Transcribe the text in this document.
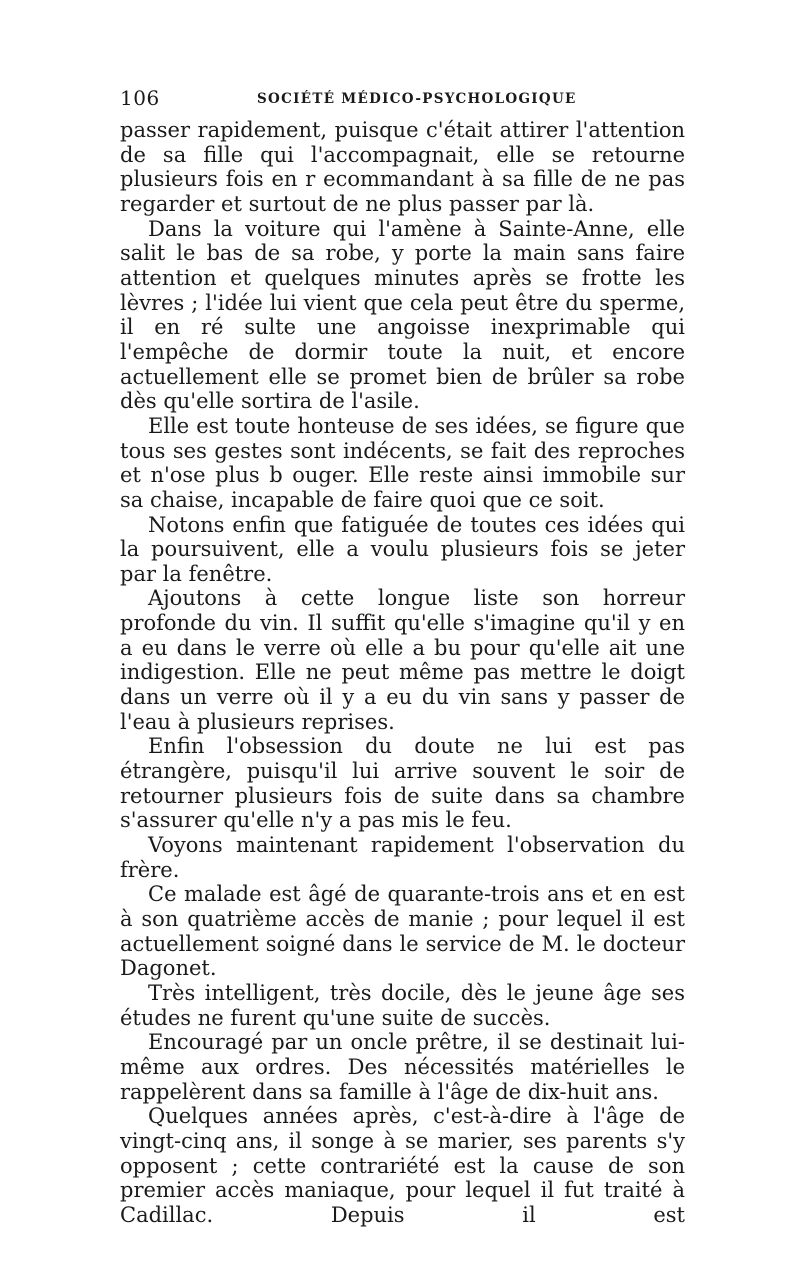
106	SOCIÉTÉ MÉDICO-PSYCHOLOGIQUE

passer rapidement, puisque c'était attirer l'attention de sa fille qui l'accompagnait, elle se retourne plusieurs fois en r ecommandant à sa fille de ne pas regarder et surtout de ne plus passer par là.

Dans la voiture qui l'amène à Sainte-Anne, elle salit le bas de sa robe, y porte la main sans faire attention et quelques minutes après se frotte les lèvres ; l'idée lui vient que cela peut être du sperme, il en ré sulte une angoisse inexprimable qui l'empêche de dormir toute la nuit, et encore actuellement elle se promet bien de brûler sa robe dès qu'elle sortira de l'asile.

Elle est toute honteuse de ses idées, se figure que tous ses gestes sont indécents, se fait des reproches et n'ose plus b ouger. Elle reste ainsi immobile sur sa chaise, incapable de faire quoi que ce soit.

Notons enfin que fatiguée de toutes ces idées qui la poursuivent, elle a voulu plusieurs fois se jeter par la fenêtre.

Ajoutons à cette longue liste son horreur profonde du vin. Il suffit qu'elle s'imagine qu'il y en a eu dans le verre où elle a bu pour qu'elle ait une indigestion. Elle ne peut même pas mettre le doigt dans un verre où il y a eu du vin sans y passer de l'eau à plusieurs reprises.

Enfin l'obsession du doute ne lui est pas étrangère, puisqu'il lui arrive souvent le soir de retourner plusieurs fois de suite dans sa chambre s'assurer qu'elle n'y a pas mis le feu.

Voyons maintenant rapidement l'observation du frère.

Ce malade est âgé de quarante-trois ans et en est à son quatrième accès de manie ; pour lequel il est actuellement soigné dans le service de M. le docteur Dagonet.

Très intelligent, très docile, dès le jeune âge ses études ne furent qu'une suite de succès.

Encouragé par un oncle prêtre, il se destinait lui-même aux ordres. Des nécessités matérielles le rappelèrent dans sa famille à l'âge de dix-huit ans.

Quelques années après, c'est-à-dire à l'âge de vingt-cinq ans, il songe à se marier, ses parents s'y opposent ; cette contrariété est la cause de son premier accès maniaque, pour lequel il fut traité à Cadillac. Depuis il est
